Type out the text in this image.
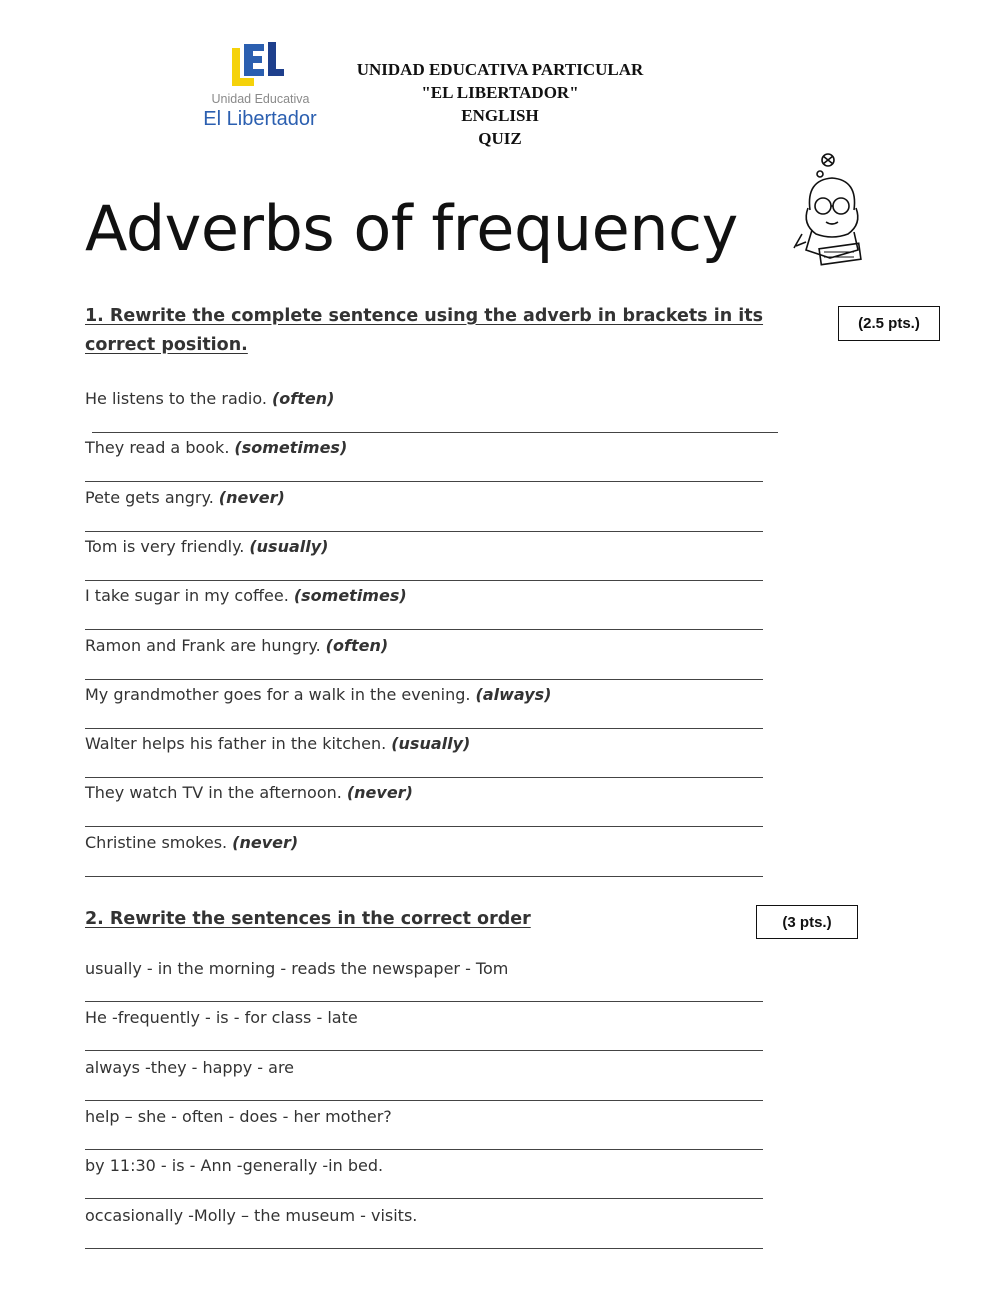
Unidad Educativa
El Libertador
UNIDAD EDUCATIVA PARTICULAR
"EL LIBERTADOR"
ENGLISH
QUIZ
Adverbs of frequency
1. Rewrite the complete sentence using the adverb in brackets in its correct position.
(2.5 pts.)
He listens to the radio. (often)
They read a book. (sometimes)
Pete gets angry. (never)
Tom is very friendly. (usually)
I take sugar in my coffee. (sometimes)
Ramon and Frank are hungry. (often)
My grandmother goes for a walk in the evening. (always)
Walter helps his father in the kitchen. (usually)
They watch TV in the afternoon. (never)
Christine smokes. (never)
2. Rewrite the sentences in the correct order	(3 pts.)
usually - in the morning - reads the newspaper - Tom
He -frequently - is - for class - late
always -they - happy - are
help – she - often - does - her mother?
by 11:30 - is - Ann -generally -in bed.
occasionally -Molly – the museum - visits.
